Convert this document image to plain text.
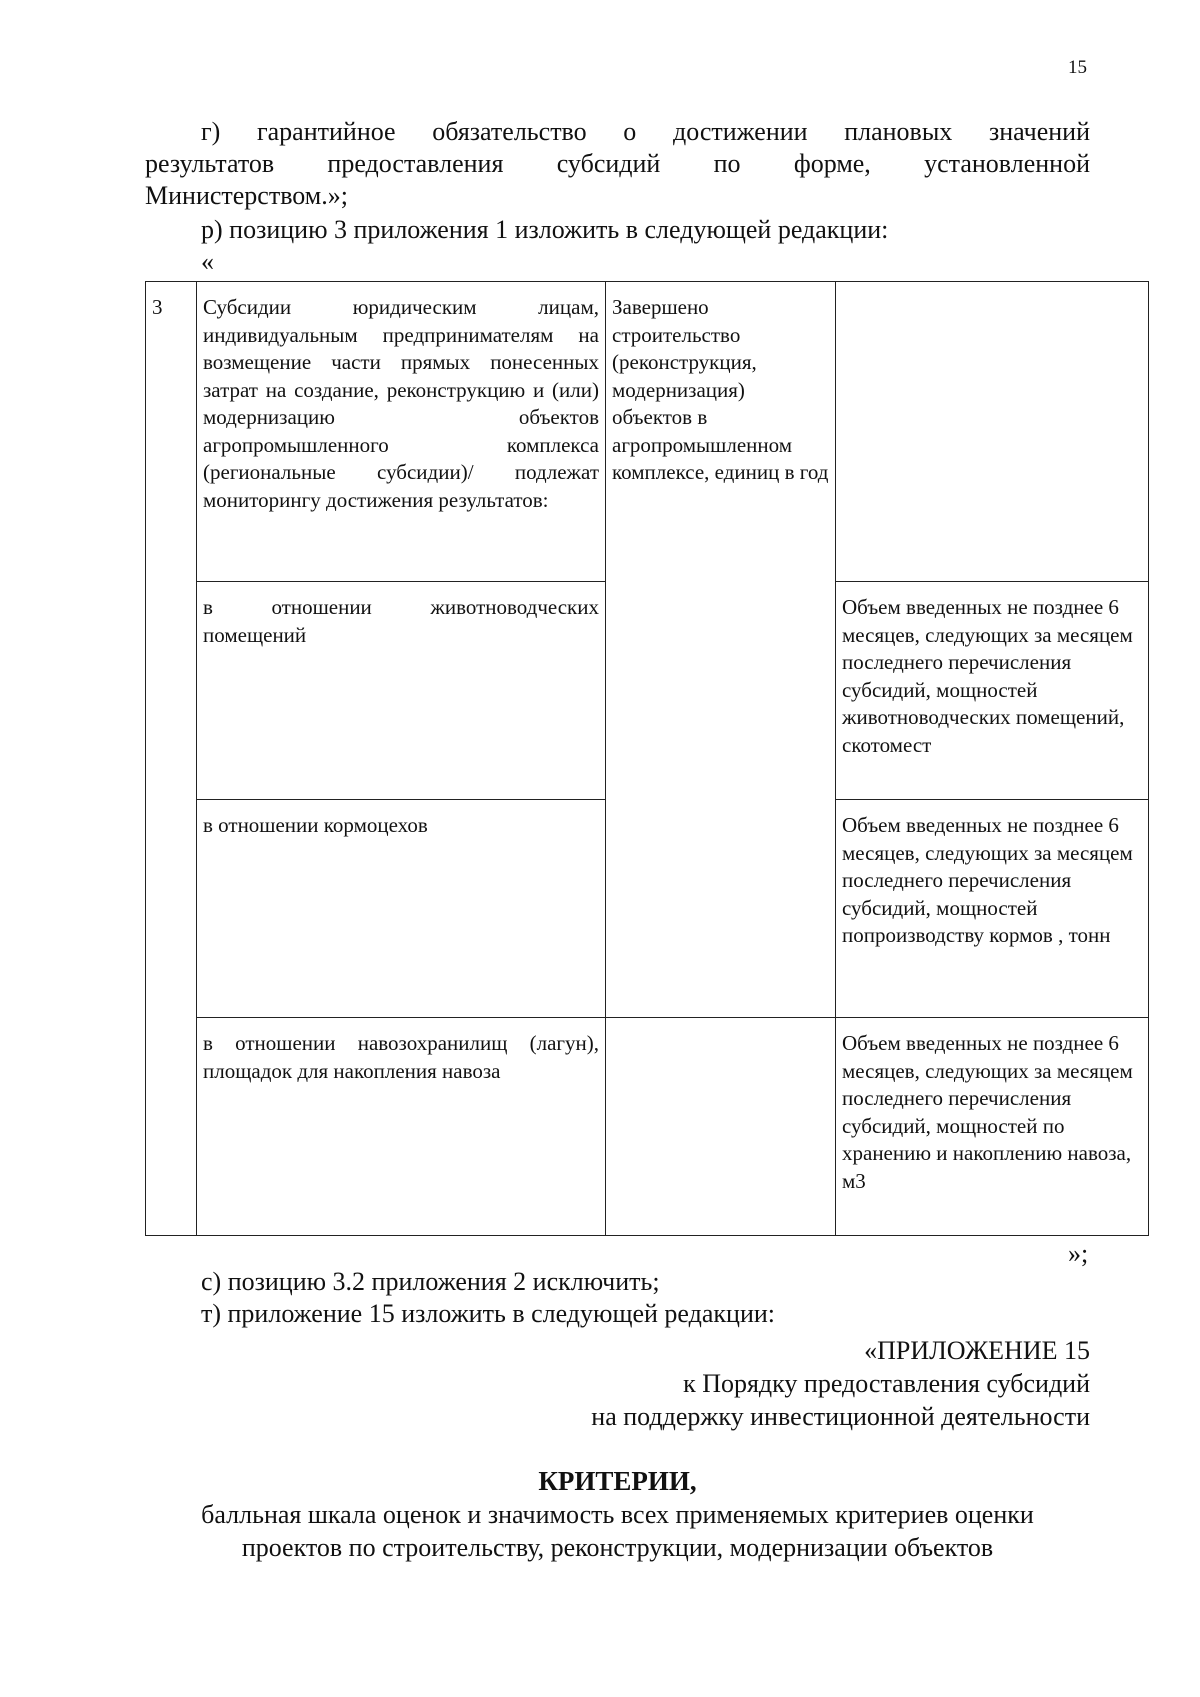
15
г) гарантийное обязательство о достижении плановых значений
результатов предоставления субсидий по форме, установленной
Министерством.»;
р) позицию 3 приложения 1 изложить в следующей редакции:
«
3	Субсидии юридическим лицам, индивидуальным предпринимателям на возмещение части прямых понесенных затрат на создание, реконструкцию и (или) модернизацию объектов агропромышленного комплекса (региональные субсидии)/ подлежат мониторингу достижения результатов:	Завершено строительство (реконструкция, модернизация) объектов в агропромышленном комплексе, единиц в год	
	в отношении животноводческих помещений		Объем введенных не позднее 6 месяцев, следующих за месяцем последнего перечисления субсидий, мощностей животноводческих помещений, скотомест
	в отношении кормоцехов		Объем введенных не позднее 6 месяцев, следующих за месяцем последнего перечисления субсидий, мощностей попроизводству кормов , тонн
	в отношении навозохранилищ (лагун), площадок для накопления навоза		Объем введенных не позднее 6 месяцев, следующих за месяцем последнего перечисления субсидий, мощностей по хранению и накоплению навоза, м3
»;
с) позицию 3.2 приложения 2 исключить;
т) приложение 15 изложить в следующей редакции:
«ПРИЛОЖЕНИЕ 15
к Порядку предоставления субсидий
на поддержку инвестиционной деятельности
КРИТЕРИИ,
балльная шкала оценок и значимость всех применяемых критериев оценки
проектов по строительству, реконструкции, модернизации объектов
